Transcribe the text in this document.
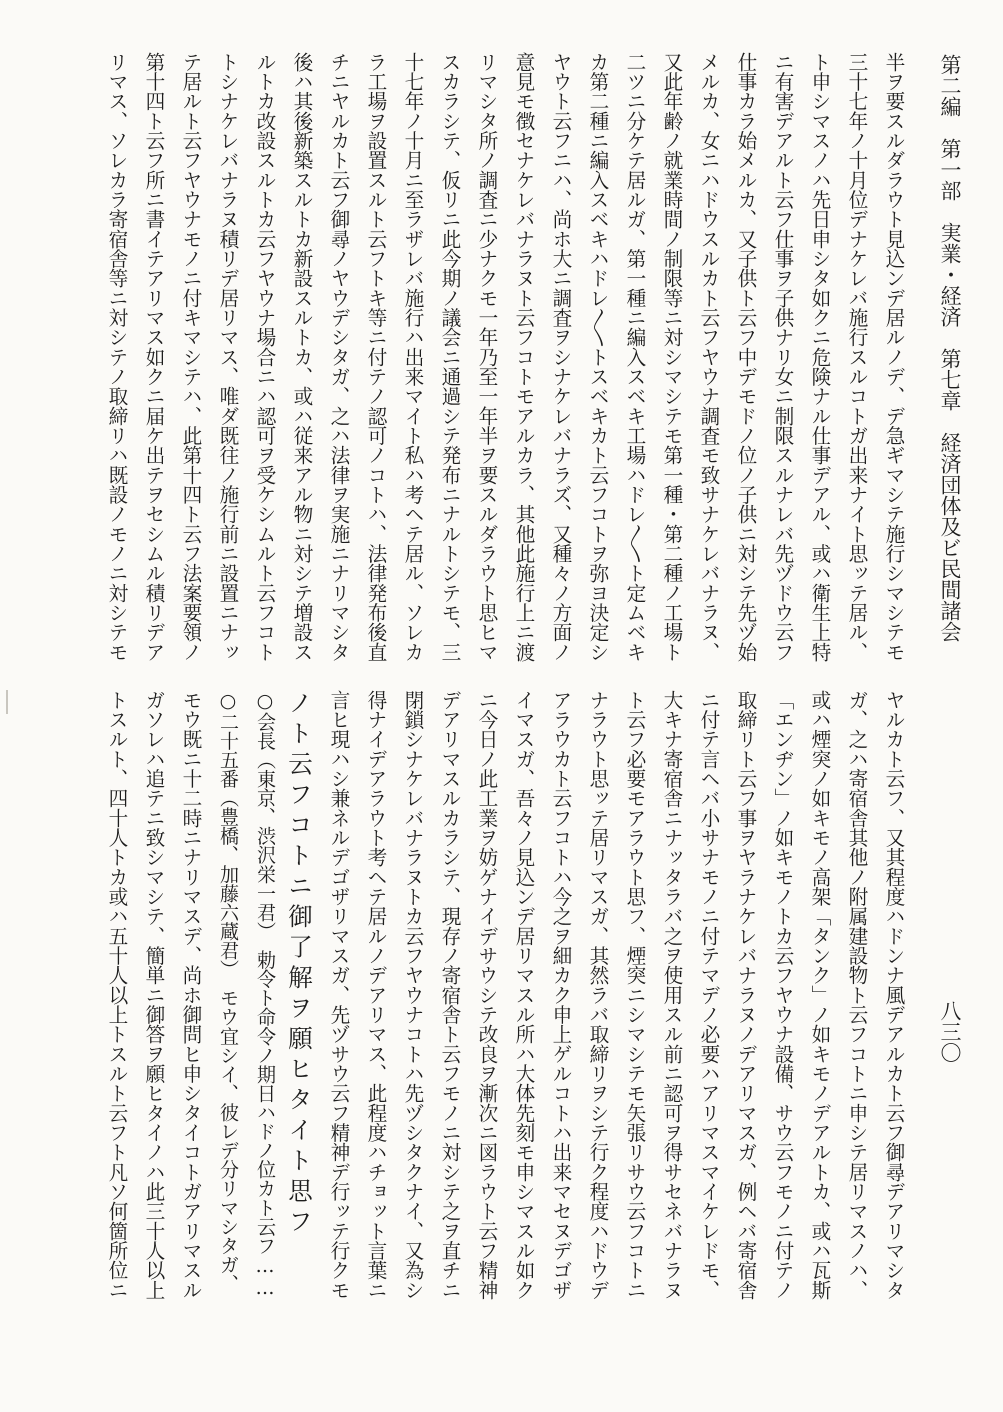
第二編　第一部　実業・経済　第七章　経済団体及ビ民間諸会
八三〇
半ヲ要スルダラウト見込ンデ居ルノデ、デ急ギマシテ施行シマシテモ
三十七年ノ十月位デナケレバ施行スルコトガ出来ナイト思ッテ居ル、
ト申シマスノハ先日申シタ如クニ危険ナル仕事デアル、或ハ衛生上特
ニ有害デアルト云フ仕事ヲ子供ナリ女ニ制限スルナレバ先ヅドウ云フ
仕事カラ始メルカ、又子供ト云フ中デモドノ位ノ子供ニ対シテ先ヅ始
メルカ、女ニハドウスルカト云フヤウナ調査モ致サナケレバナラヌ、
又此年齢ノ就業時間ノ制限等ニ対シマシテモ第一種・第二種ノ工場ト
二ツニ分ケテ居ルガ、第一種ニ編入スベキ工場ハドレ〳〵ト定ムベキ
カ第二種ニ編入スベキハドレ〳〵トスベキカト云フコトヲ弥ヨ決定シ
ヤウト云フニハ、尚ホ大ニ調査ヲシナケレバナラズ、又種々ノ方面ノ
意見モ徴セナケレバナラヌト云フコトモアルカラ、其他此施行上ニ渡
リマシタ所ノ調査ニ少ナクモ一年乃至一年半ヲ要スルダラウト思ヒマ
スカラシテ、仮リニ此今期ノ議会ニ通過シテ発布ニナルトシテモ、三
十七年ノ十月ニ至ラザレバ施行ハ出来マイト私ハ考ヘテ居ル、ソレカ
ラ工場ヲ設置スルト云フトキ等ニ付テノ認可ノコトハ、法律発布後直
チニヤルカト云フ御尋ノヤウデシタガ、之ハ法律ヲ実施ニナリマシタ
後ハ其後新築スルトカ新設スルトカ、或ハ従来アル物ニ対シテ増設ス
ルトカ改設スルトカ云フヤウナ場合ニハ認可ヲ受ケシムルト云フコト
トシナケレバナラヌ積リデ居リマス、唯ダ既往ノ施行前ニ設置ニナッ
テ居ルト云フヤウナモノニ付キマシテハ、此第十四ト云フ法案要領ノ
第十四ト云フ所ニ書イテアリマス如クニ届ケ出テヲセシムル積リデア
リマス、ソレカラ寄宿舎等ニ対シテノ取締リハ既設ノモノニ対シテモ
ヤルカト云フ、又其程度ハドンナ風デアルカト云フ御尋デアリマシタ
ガ、之ハ寄宿舎其他ノ附属建設物ト云フコトニ申シテ居リマスノハ、
或ハ煙突ノ如キモノ高架「タンク」ノ如キモノデアルトカ、或ハ瓦斯
「エンヂン」ノ如キモノトカ云フヤウナ設備、サウ云フモノニ付テノ
取締リト云フ事ヲヤラナケレバナラヌノデアリマスガ、例ヘバ寄宿舎
ニ付テ言ヘバ小サナモノニ付テマデノ必要ハアリマスマイケレドモ、
大キナ寄宿舎ニナッタラバ之ヲ使用スル前ニ認可ヲ得サセネバナラヌ
ト云フ必要モアラウト思フ、煙突ニシマシテモ矢張リサウ云フコトニ
ナラウト思ッテ居リマスガ、其然ラバ取締リヲシテ行ク程度ハドウデ
アラウカト云フコトハ今之ヲ細カク申上ゲルコトハ出来マセヌデゴザ
イマスガ、吾々ノ見込ンデ居リマスル所ハ大体先刻モ申シマスル如ク
ニ今日ノ此工業ヲ妨ゲナイデサウシテ改良ヲ漸次ニ図ラウト云フ精神
デアリマスルカラシテ、現存ノ寄宿舎ト云フモノニ対シテ之ヲ直チニ
閉鎖シナケレバナラヌトカ云フヤウナコトハ先ヅシタクナイ、又為シ
得ナイデアラウト考ヘテ居ルノデアリマス、此程度ハチョット言葉ニ
言ヒ現ハシ兼ネルデゴザリマスガ、先ヅサウ云フ精神デ行ッテ行クモ
ノト云フコトニ御了解ヲ願ヒタイト思フ
○会長（東京、渋沢栄一君）　勅令ト命令ノ期日ハドノ位カト云フ……
○二十五番（豊橋、加藤六蔵君）　モウ宜シイ、彼レデ分リマシタガ、
モウ既ニ十二時ニナリマスデ、尚ホ御問ヒ申シタイコトガアリマスル
ガソレハ追テニ致シマシテ、簡単ニ御答ヲ願ヒタイノハ此三十人以上
トスルト、四十人トカ或ハ五十人以上トスルト云フト凡ソ何箇所位ニ
